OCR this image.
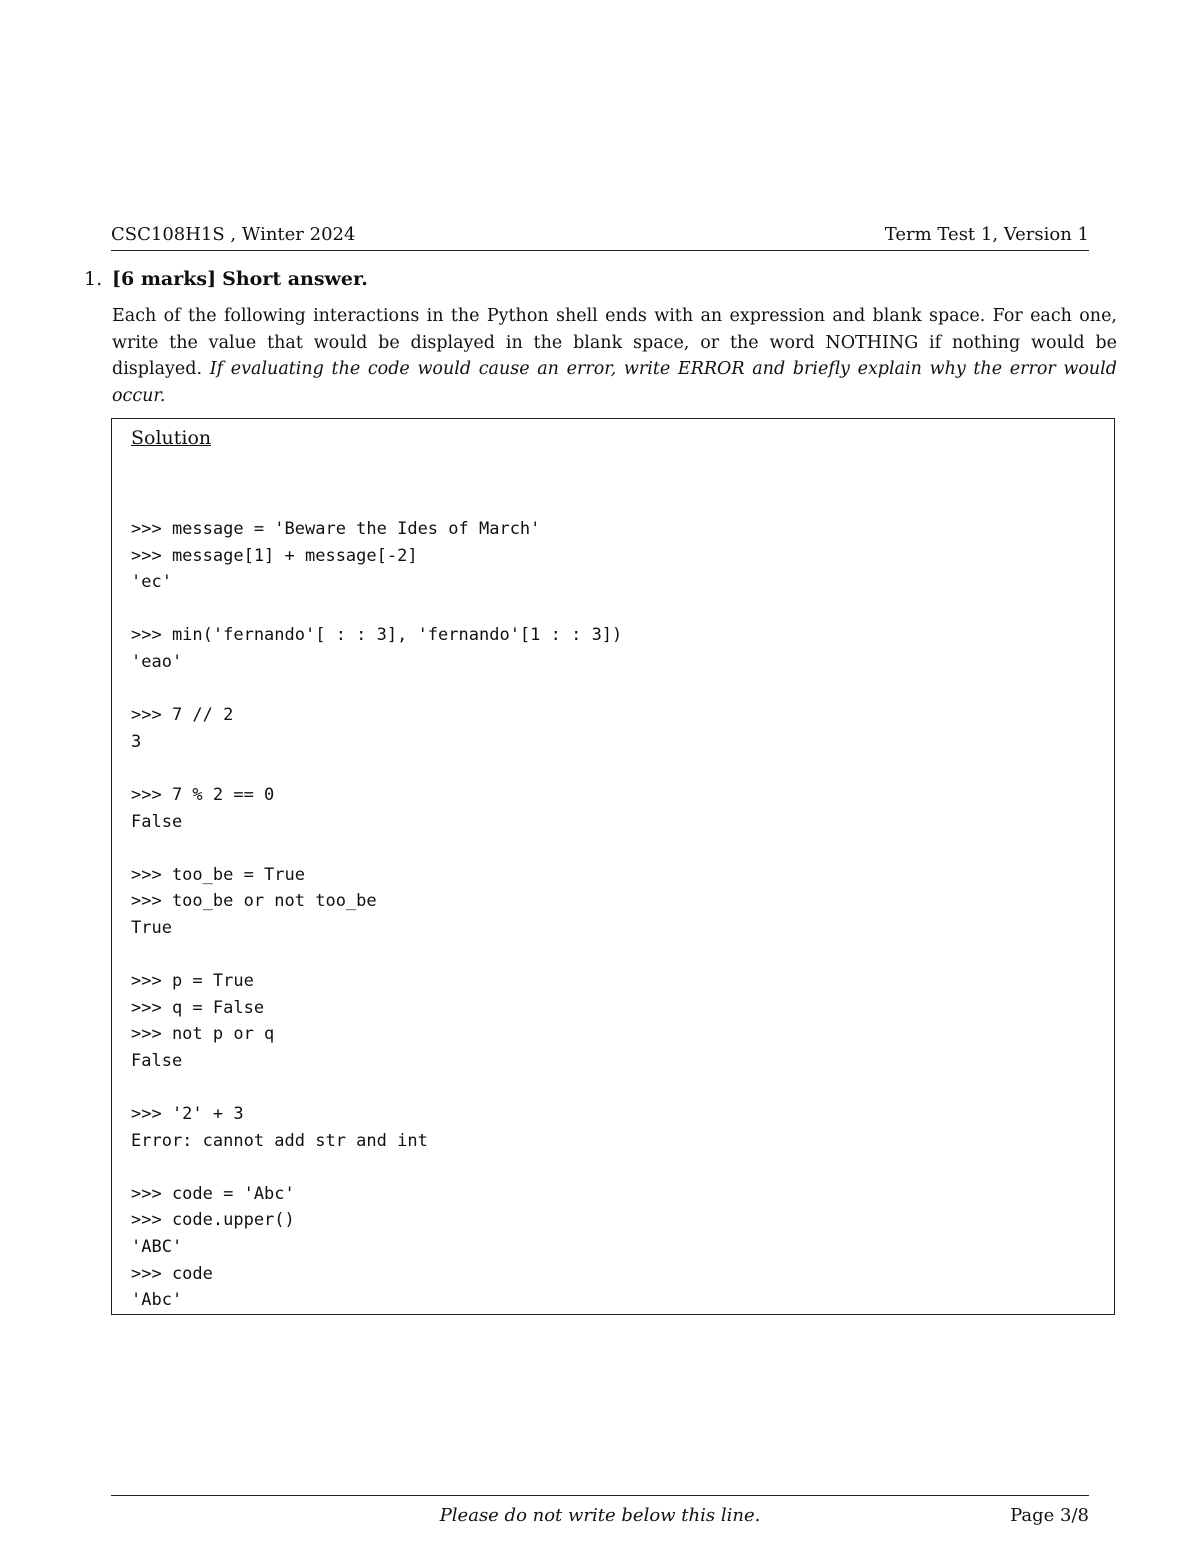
CSC108H1S , Winter 2024	Term Test 1, Version 1
1. [6 marks] Short answer.
Each of the following interactions in the Python shell ends with an expression and blank space. For each one, write the value that would be displayed in the blank space, or the word NOTHING if nothing would be displayed. If evaluating the code would cause an error, write ERROR and briefly explain why the error would occur.
Solution
>>> message = 'Beware the Ides of March'
>>> message[1] + message[-2]
'ec'
>>> min('fernando'[ : : 3], 'fernando'[1 : : 3])
'eao'
>>> 7 // 2
3
>>> 7 % 2 == 0
False
>>> too_be = True
>>> too_be or not too_be
True
>>> p = True
>>> q = False
>>> not p or q
False
>>> '2' + 3
Error: cannot add str and int
>>> code = 'Abc'
>>> code.upper()
'ABC'
>>> code
'Abc'
Please do not write below this line.	Page 3/8
